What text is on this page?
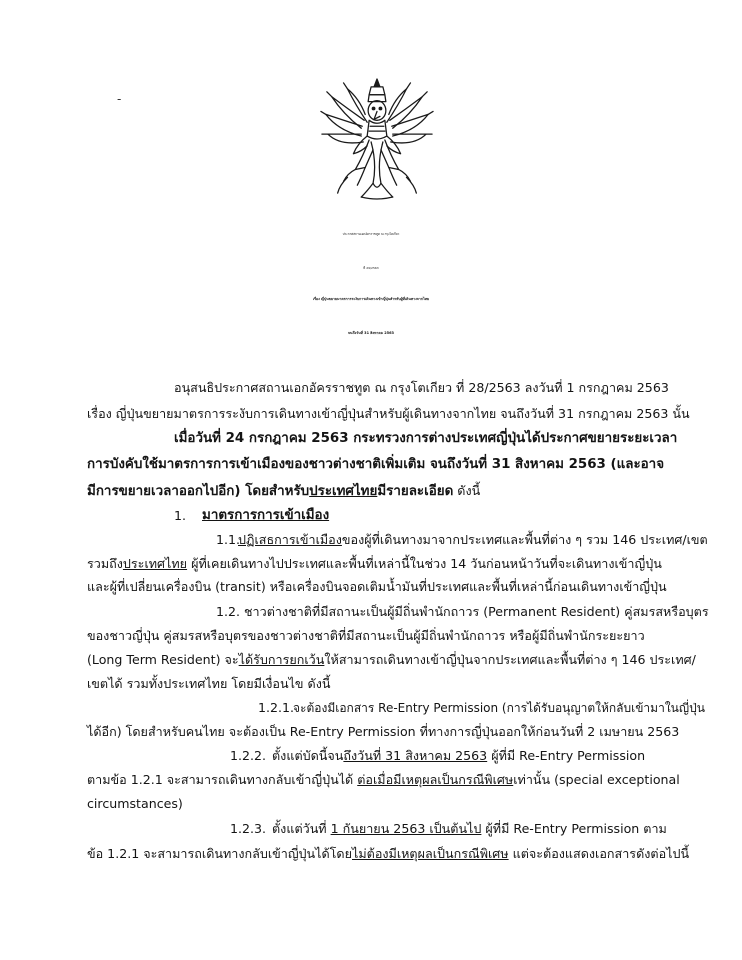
-
ประกาศสถานเอกอัครราชทูต ณ กรุงโตเกียว
ที่ 29/2563
เรื่อง ญี่ปุ่นขยายมาตรการระงับการเดินทางเข้าญี่ปุ่นสำหรับผู้ที่เดินทางจากไทย
จนถึงวันที่ 31 สิงหาคม 2563
อนุสนธิประกาศสถานเอกอัครราชทูต ณ กรุงโตเกียว ที่ 28/2563 ลงวันที่ 1 กรกฎาคม 2563
เรื่อง ญี่ปุ่นขยายมาตรการระงับการเดินทางเข้าญี่ปุ่นสำหรับผู้เดินทางจากไทย จนถึงวันที่ 31 กรกฎาคม 2563 นั้น
เมื่อวันที่ 24 กรกฎาคม 2563 กระทรวงการต่างประเทศญี่ปุ่นได้ประกาศขยายระยะเวลา
การบังคับใช้มาตรการการเข้าเมืองของชาวต่างชาติเพิ่มเติม จนถึงวันที่ 31 สิงหาคม 2563 (และอาจ
มีการขยายเวลาออกไปอีก) โดยสำหรับประเทศไทยมีรายละเอียด ดังนี้
1. มาตรการการเข้าเมือง
1.1.
ปฏิเสธการเข้าเมืองของผู้ที่เดินทางมาจากประเทศและพื้นที่ต่าง ๆ รวม 146 ประเทศ/เขต
รวมถึงประเทศไทย ผู้ที่เคยเดินทางไปประเทศและพื้นที่เหล่านี้ในช่วง 14 วันก่อนหน้าวันที่จะเดินทางเข้าญี่ปุ่น
และผู้ที่เปลี่ยนเครื่องบิน (transit) หรือเครื่องบินจอดเติมน้ำมันที่ประเทศและพื้นที่เหล่านี้ก่อนเดินทางเข้าญี่ปุ่น
1.2. ชาวต่างชาติที่มีสถานะเป็นผู้มีถิ่นพำนักถาวร (Permanent Resident) คู่สมรสหรือบุตร
ของชาวญี่ปุ่น คู่สมรสหรือบุตรของชาวต่างชาติที่มีสถานะเป็นผู้มีถิ่นพำนักถาวร หรือผู้มีถิ่นพำนักระยะยาว
(Long Term Resident) จะได้รับการยกเว้นให้สามารถเดินทางเข้าญี่ปุ่นจากประเทศและพื้นที่ต่าง ๆ 146 ประเทศ/
เขตได้ รวมทั้งประเทศไทย โดยมีเงื่อนไข ดังนี้
1.2.1.
จะต้องมีเอกสาร Re-Entry Permission (การได้รับอนุญาตให้กลับเข้ามาในญี่ปุ่น
ได้อีก) โดยสำหรับคนไทย จะต้องเป็น Re-Entry Permission ที่ทางการญี่ปุ่นออกให้ก่อนวันที่ 2 เมษายน 2563
1.2.2. ตั้งแต่บัดนี้จนถึงวันที่ 31 สิงหาคม 2563 ผู้ที่มี Re-Entry Permission
ตามข้อ 1.2.1 จะสามารถเดินทางกลับเข้าญี่ปุ่นได้ ต่อเมื่อมีเหตุผลเป็นกรณีพิเศษเท่านั้น (special exceptional
circumstances)
1.2.3. ตั้งแต่วันที่ 1 กันยายน 2563 เป็นต้นไป ผู้ที่มี Re-Entry Permission ตาม
ข้อ 1.2.1 จะสามารถเดินทางกลับเข้าญี่ปุ่นได้โดยไม่ต้องมีเหตุผลเป็นกรณีพิเศษ แต่จะต้องแสดงเอกสารดังต่อไปนี้
